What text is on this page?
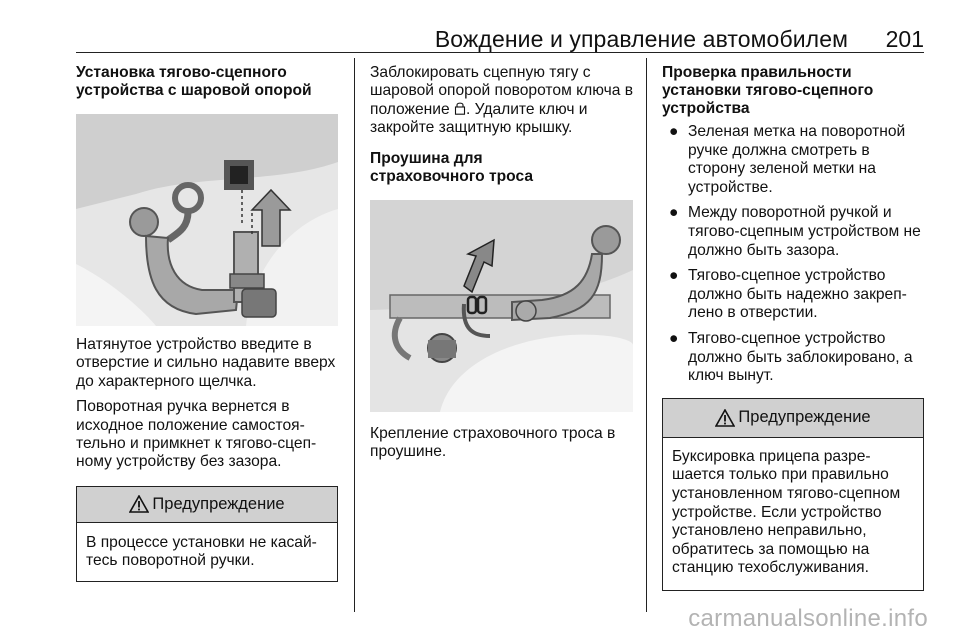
Вождение и управление автомобилем 201
Установка тягово-сцепного устройства с шаровой опорой

Натянутое устройство введите в отверстие и сильно надавите вверх до характерного щелчка.

Поворотная ручка вернется в исходное положение самостоя-тельно и примкнет к тягово-сцеп-ному устройству без зазора.

Предупреждение
В процессе установки не касай-тесь поворотной ручки.

Заблокировать сцепную тягу с шаровой опорой поворотом ключа в положение . Удалите ключ и закройте защитную крышку.

Проушина для страховочного троса

Крепление страховочного троса в проушине.

Проверка правильности установки тягово-сцепного устройства
● Зеленая метка на поворотной ручке должна смотреть в сторону зеленой метки на устройстве.
● Между поворотной ручкой и тягово-сцепным устройством не должно быть зазора.
● Тягово-сцепное устройство должно быть надежно закреп-лено в отверстии.
● Тягово-сцепное устройство должно быть заблокировано, а ключ вынут.
Предупреждение
Буксировка прицепа разре-шается только при правильно установленном тягово-сцепном устройстве. Если устройство установлено неправильно, обратитесь за помощью на станцию техобслуживания.
carmanualsonline.info
